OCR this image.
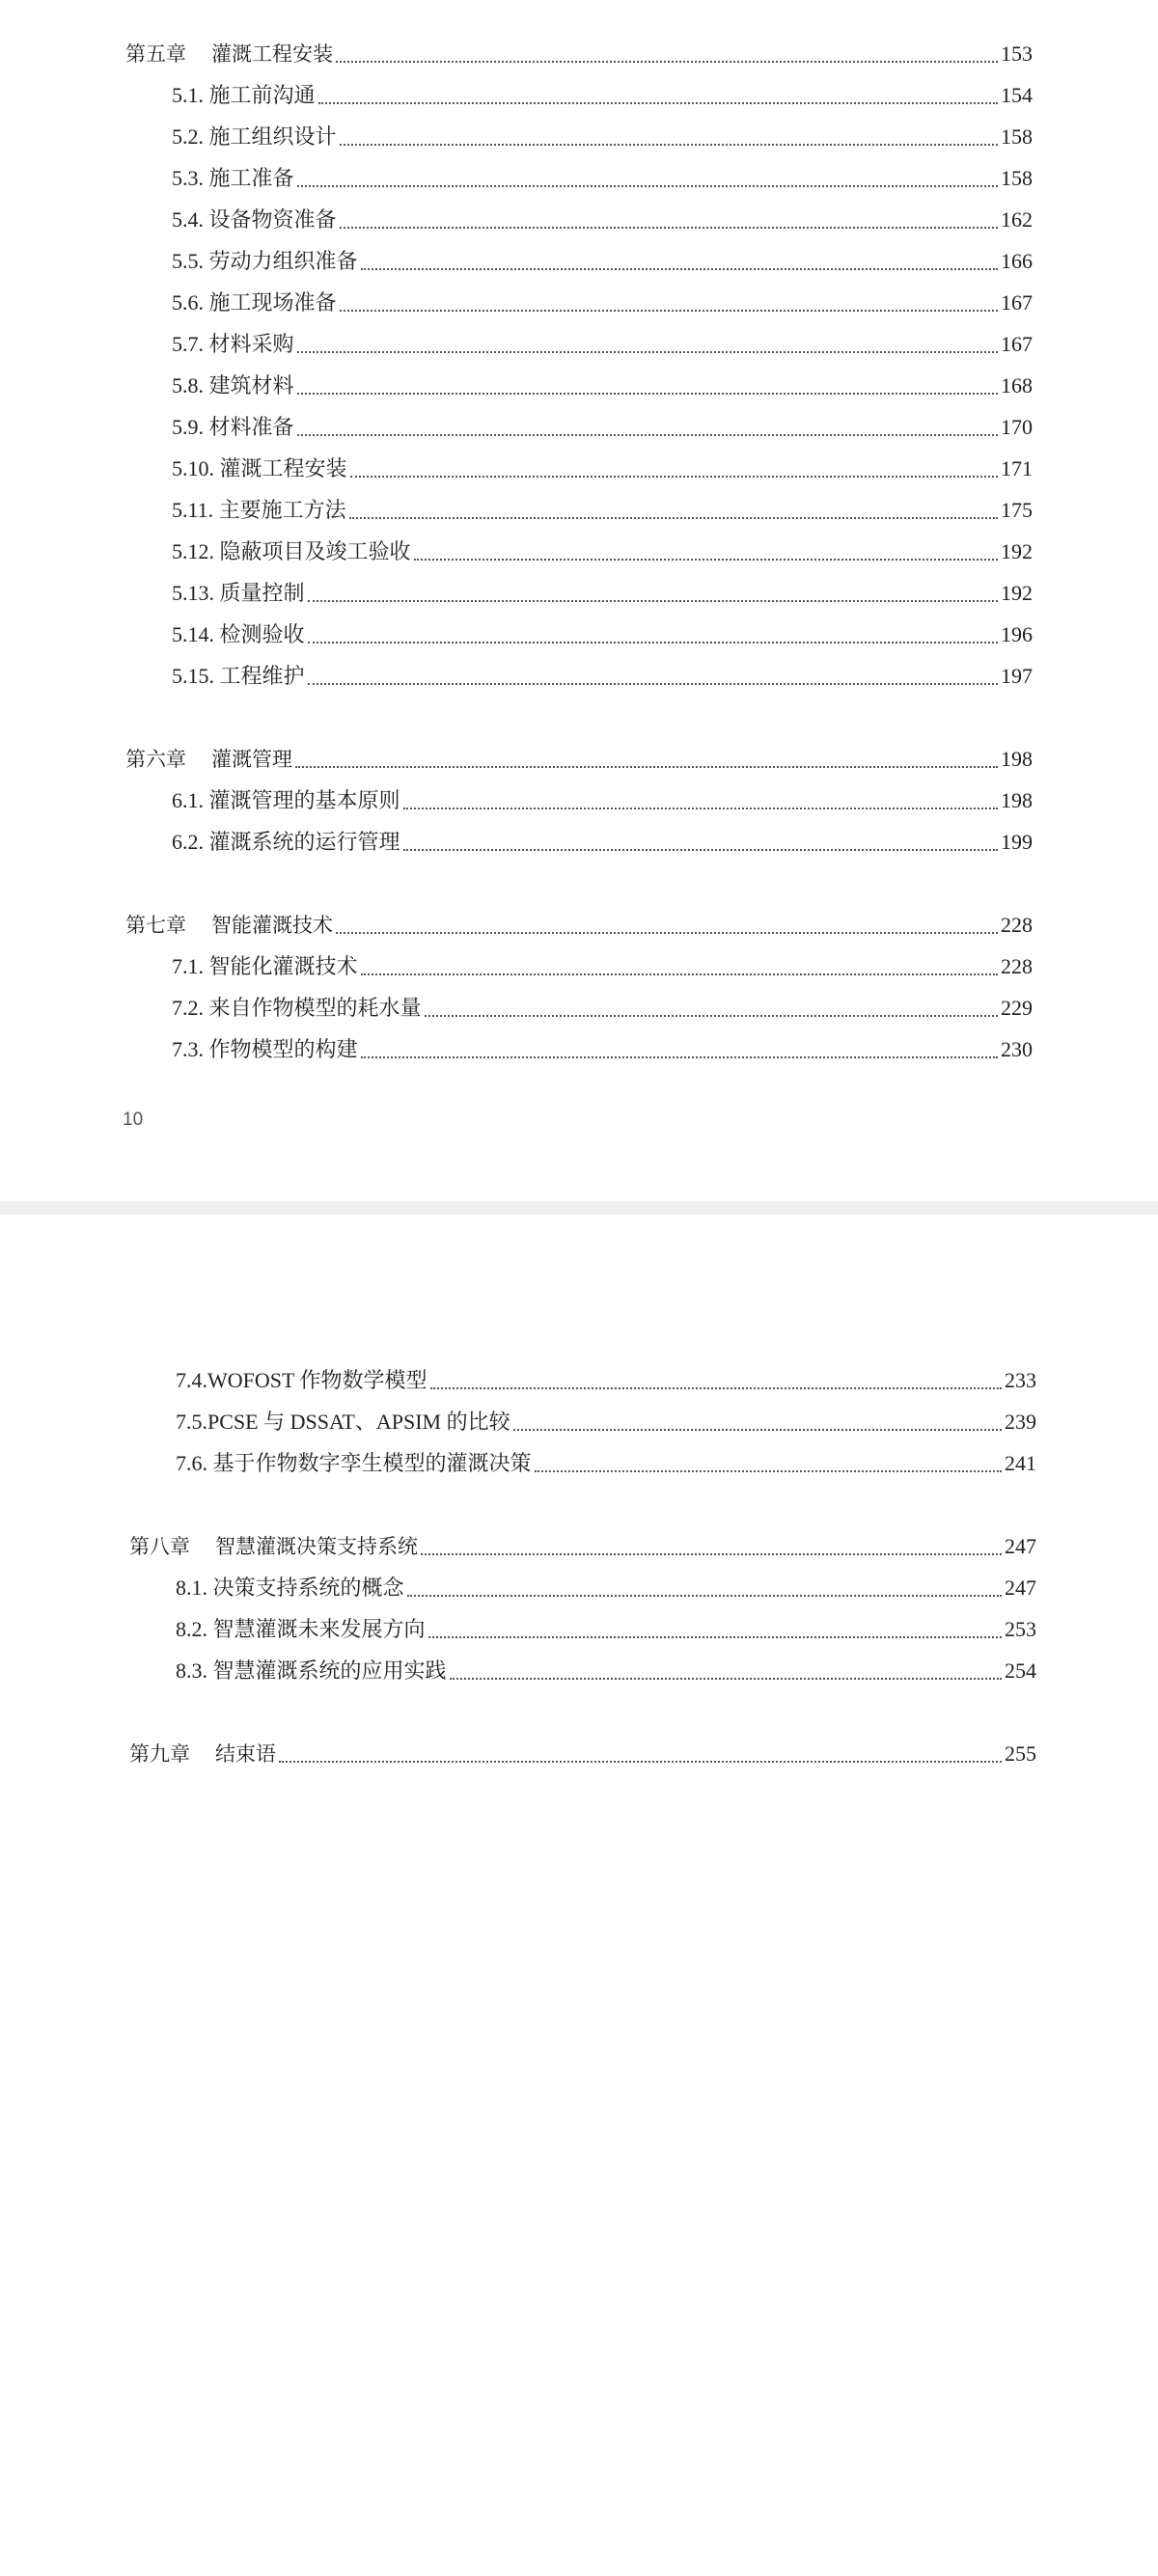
第五章 灌溉工程安装	153
5.1. 施工前沟通	154
5.2. 施工组织设计	158
5.3. 施工准备	158
5.4. 设备物资准备	162
5.5. 劳动力组织准备	166
5.6. 施工现场准备	167
5.7. 材料采购	167
5.8. 建筑材料	168
5.9. 材料准备	170
5.10. 灌溉工程安装	171
5.11. 主要施工方法	175
5.12. 隐蔽项目及竣工验收	192
5.13. 质量控制	192
5.14. 检测验收	196
5.15. 工程维护	197
第六章 灌溉管理	198
6.1. 灌溉管理的基本原则	198
6.2. 灌溉系统的运行管理	199
第七章 智能灌溉技术	228
7.1. 智能化灌溉技术	228
7.2. 来自作物模型的耗水量	229
7.3. 作物模型的构建	230
10
7.4.WOFOST 作物数学模型	233
7.5.PCSE 与 DSSAT、APSIM 的比较	239
7.6. 基于作物数字孪生模型的灌溉决策	241
第八章 智慧灌溉决策支持系统	247
8.1. 决策支持系统的概念	247
8.2. 智慧灌溉未来发展方向	253
8.3. 智慧灌溉系统的应用实践	254
第九章 结束语	255
